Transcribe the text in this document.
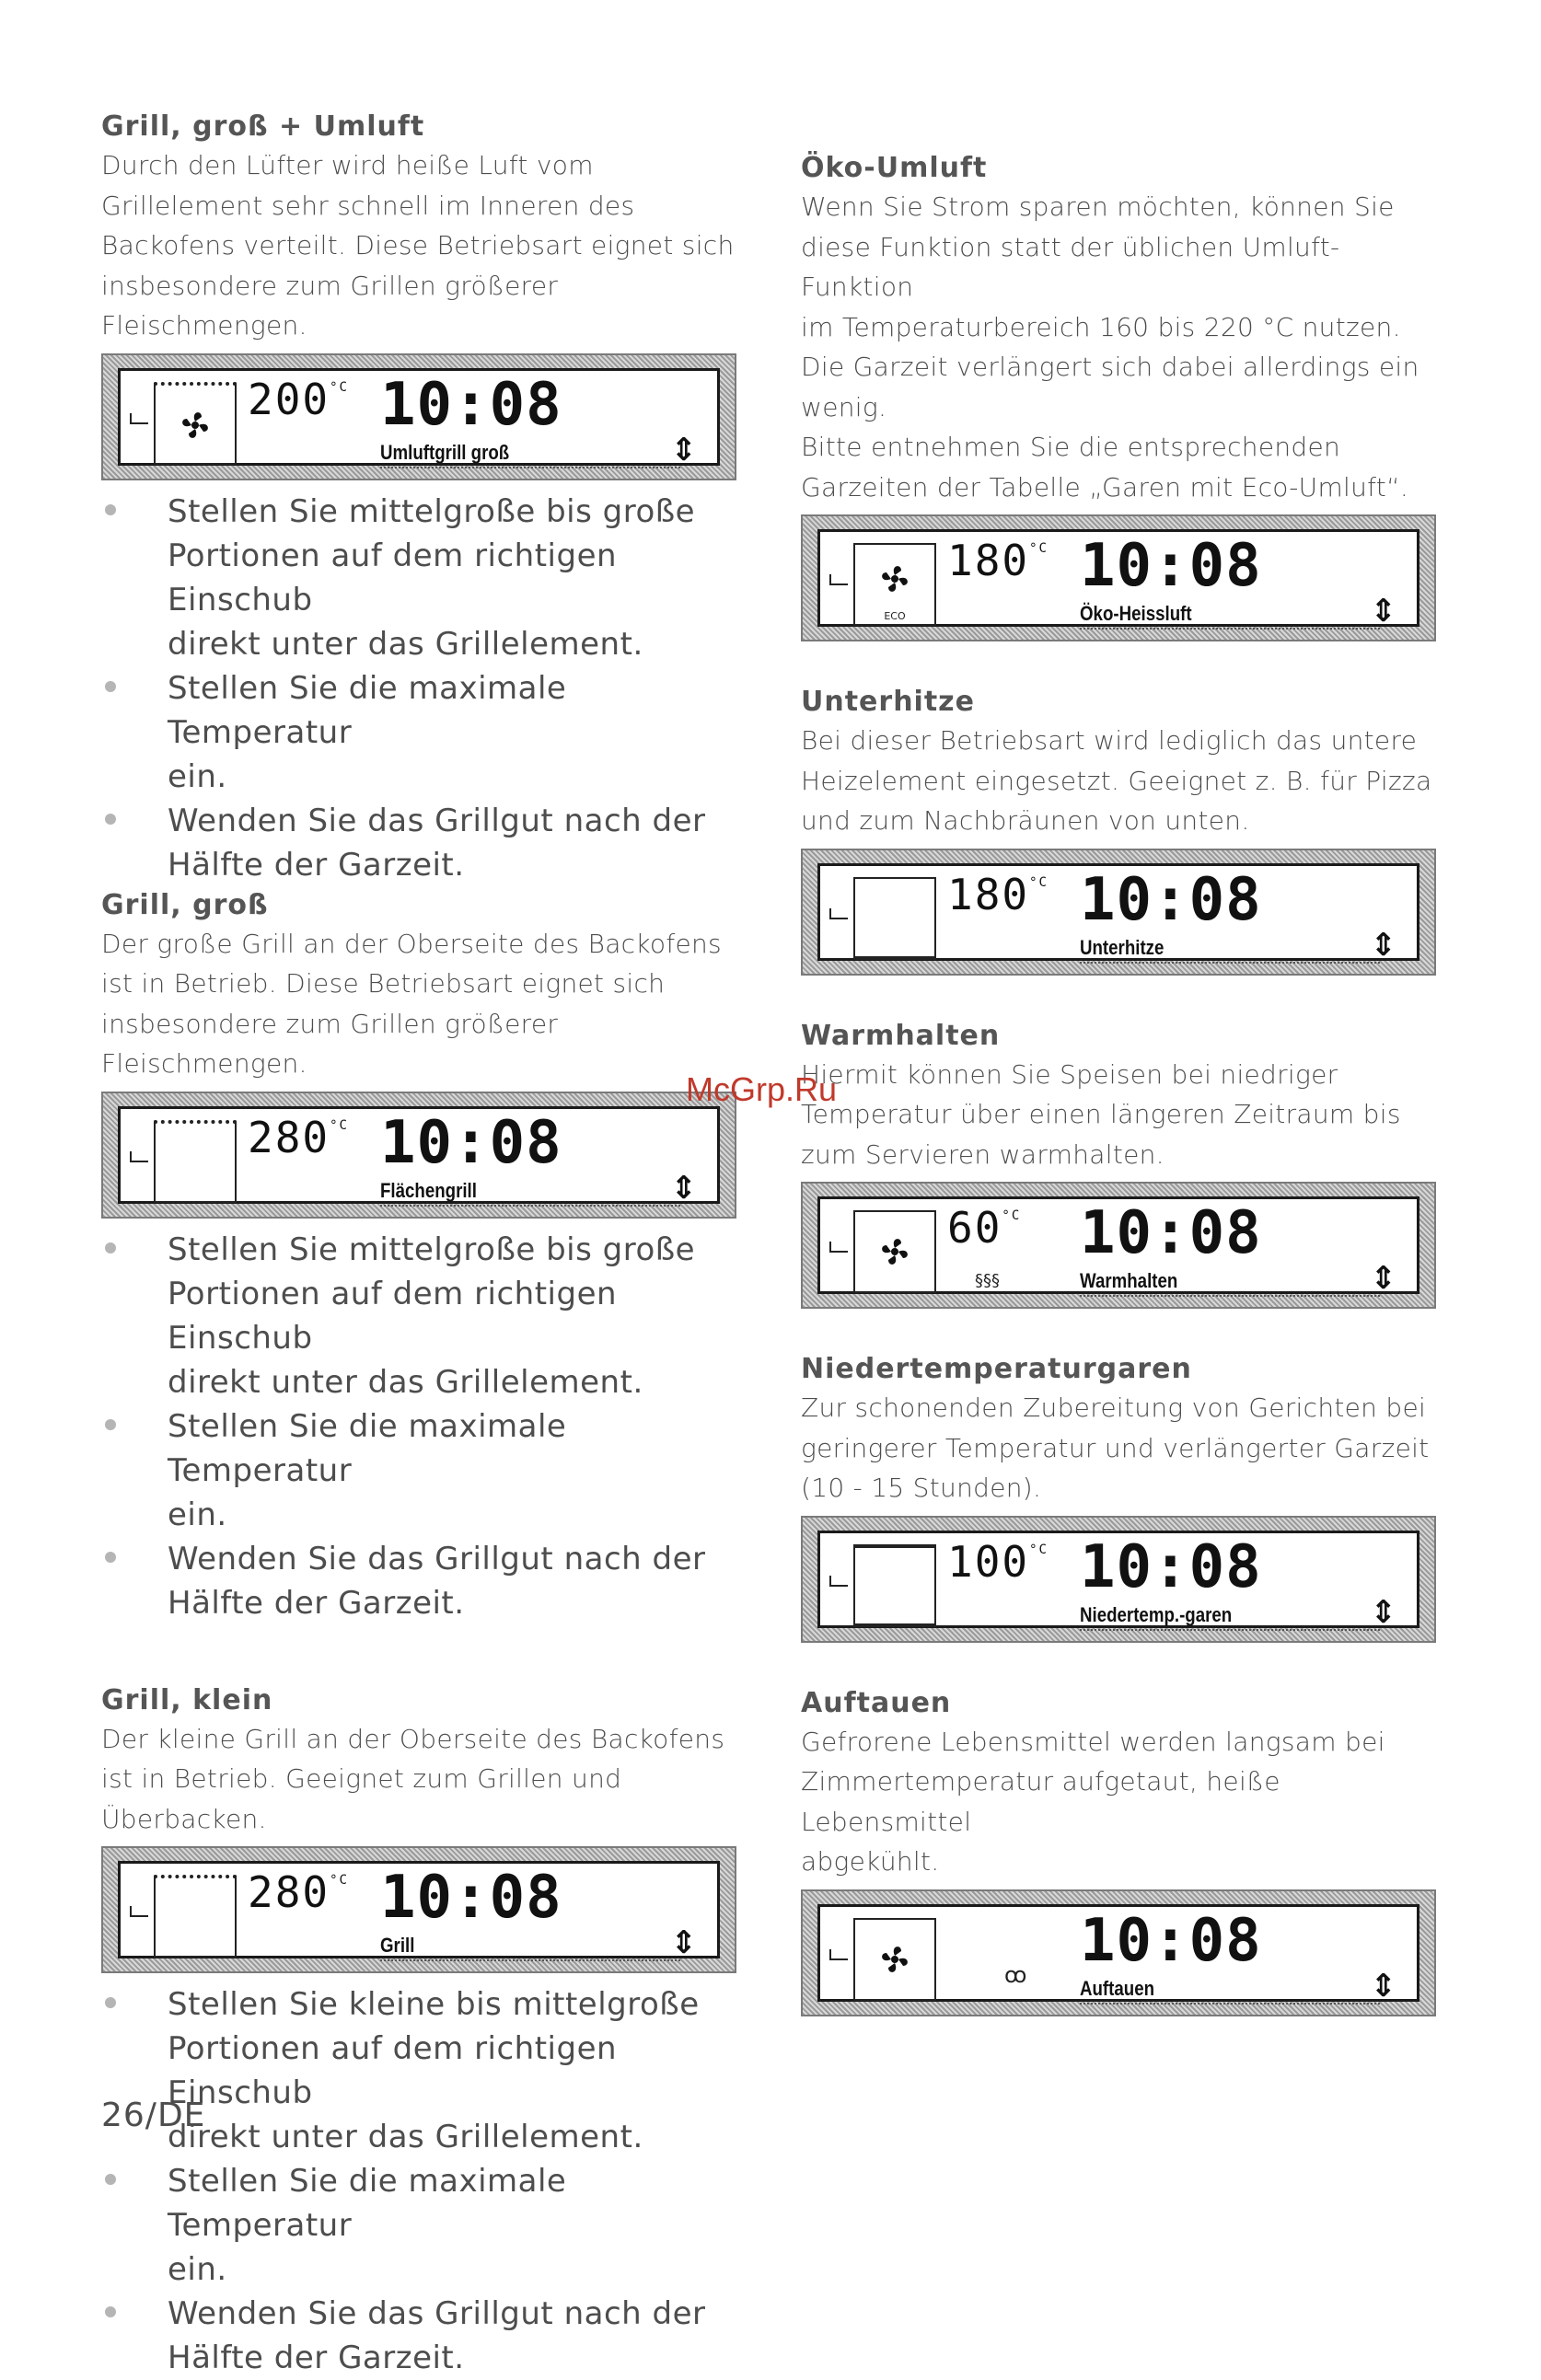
Grill, groß + Umluft

Durch den Lüfter wird heiße Luft vom
Grillelement sehr schnell im Inneren des
Backofens verteilt. Diese Betriebsart eignet sich
insbesondere zum Grillen größerer
Fleischmengen.

$200^{^\circ C}$ 10:08
Umluftgrill groß	⇕
Stellen Sie mittelgroße bis große
Portionen auf dem richtigen Einschub
direkt unter das Grillelement.
Stellen Sie die maximale Temperatur
ein.
Wenden Sie das Grillgut nach der
Hälfte der Garzeit.
Grill, groß

Der große Grill an der Oberseite des Backofens
ist in Betrieb. Diese Betriebsart eignet sich
insbesondere zum Grillen größerer
Fleischmengen.

$280^{^\circ C}$ 10:08
Flächengrill	⇕
Stellen Sie mittelgroße bis große
Portionen auf dem richtigen Einschub
direkt unter das Grillelement.
Stellen Sie die maximale Temperatur
ein.
Wenden Sie das Grillgut nach der
Hälfte der Garzeit.
Grill, klein

Der kleine Grill an der Oberseite des Backofens
ist in Betrieb. Geeignet zum Grillen und
Überbacken.

$280^{^\circ C}$ 10:08
Grill	⇕
Stellen Sie kleine bis mittelgroße
Portionen auf dem richtigen Einschub
direkt unter das Grillelement.
Stellen Sie die maximale Temperatur
ein.
Wenden Sie das Grillgut nach der
Hälfte der Garzeit.
Öko-Umluft

Wenn Sie Strom sparen möchten, können Sie
diese Funktion statt der üblichen Umluft-Funktion
im Temperaturbereich 160 bis 220 °C nutzen.
Die Garzeit verlängert sich dabei allerdings ein
wenig.
Bitte entnehmen Sie die entsprechenden
Garzeiten der Tabelle „Garen mit Eco-Umluft“.

ECO
$180^{^\circ C}$ 10:08
Öko-Heissluft	⇕
Unterhitze

Bei dieser Betriebsart wird lediglich das untere
Heizelement eingesetzt. Geeignet z. B. für Pizza
und zum Nachbräunen von unten.

$180^{^\circ C}$ 10:08
Unterhitze	⇕
Warmhalten

Hiermit können Sie Speisen bei niedriger
Temperatur über einen längeren Zeitraum bis
zum Servieren warmhalten.

§§§
$60^{^\circ C}$ 10:08
Warmhalten	⇕
Niedertemperaturgaren

Zur schonenden Zubereitung von Gerichten bei
geringerer Temperatur und verlängerter Garzeit
(10 - 15 Stunden).

$100^{^\circ C}$ 10:08
Niedertemp.-garen	⇕
Auftauen

Gefrorene Lebensmittel werden langsam bei
Zimmertemperatur aufgetaut, heiße Lebensmittel
abgekühlt.

ꝏ 10:08
Auftauen	⇕
McGrp.Ru
26/DE
